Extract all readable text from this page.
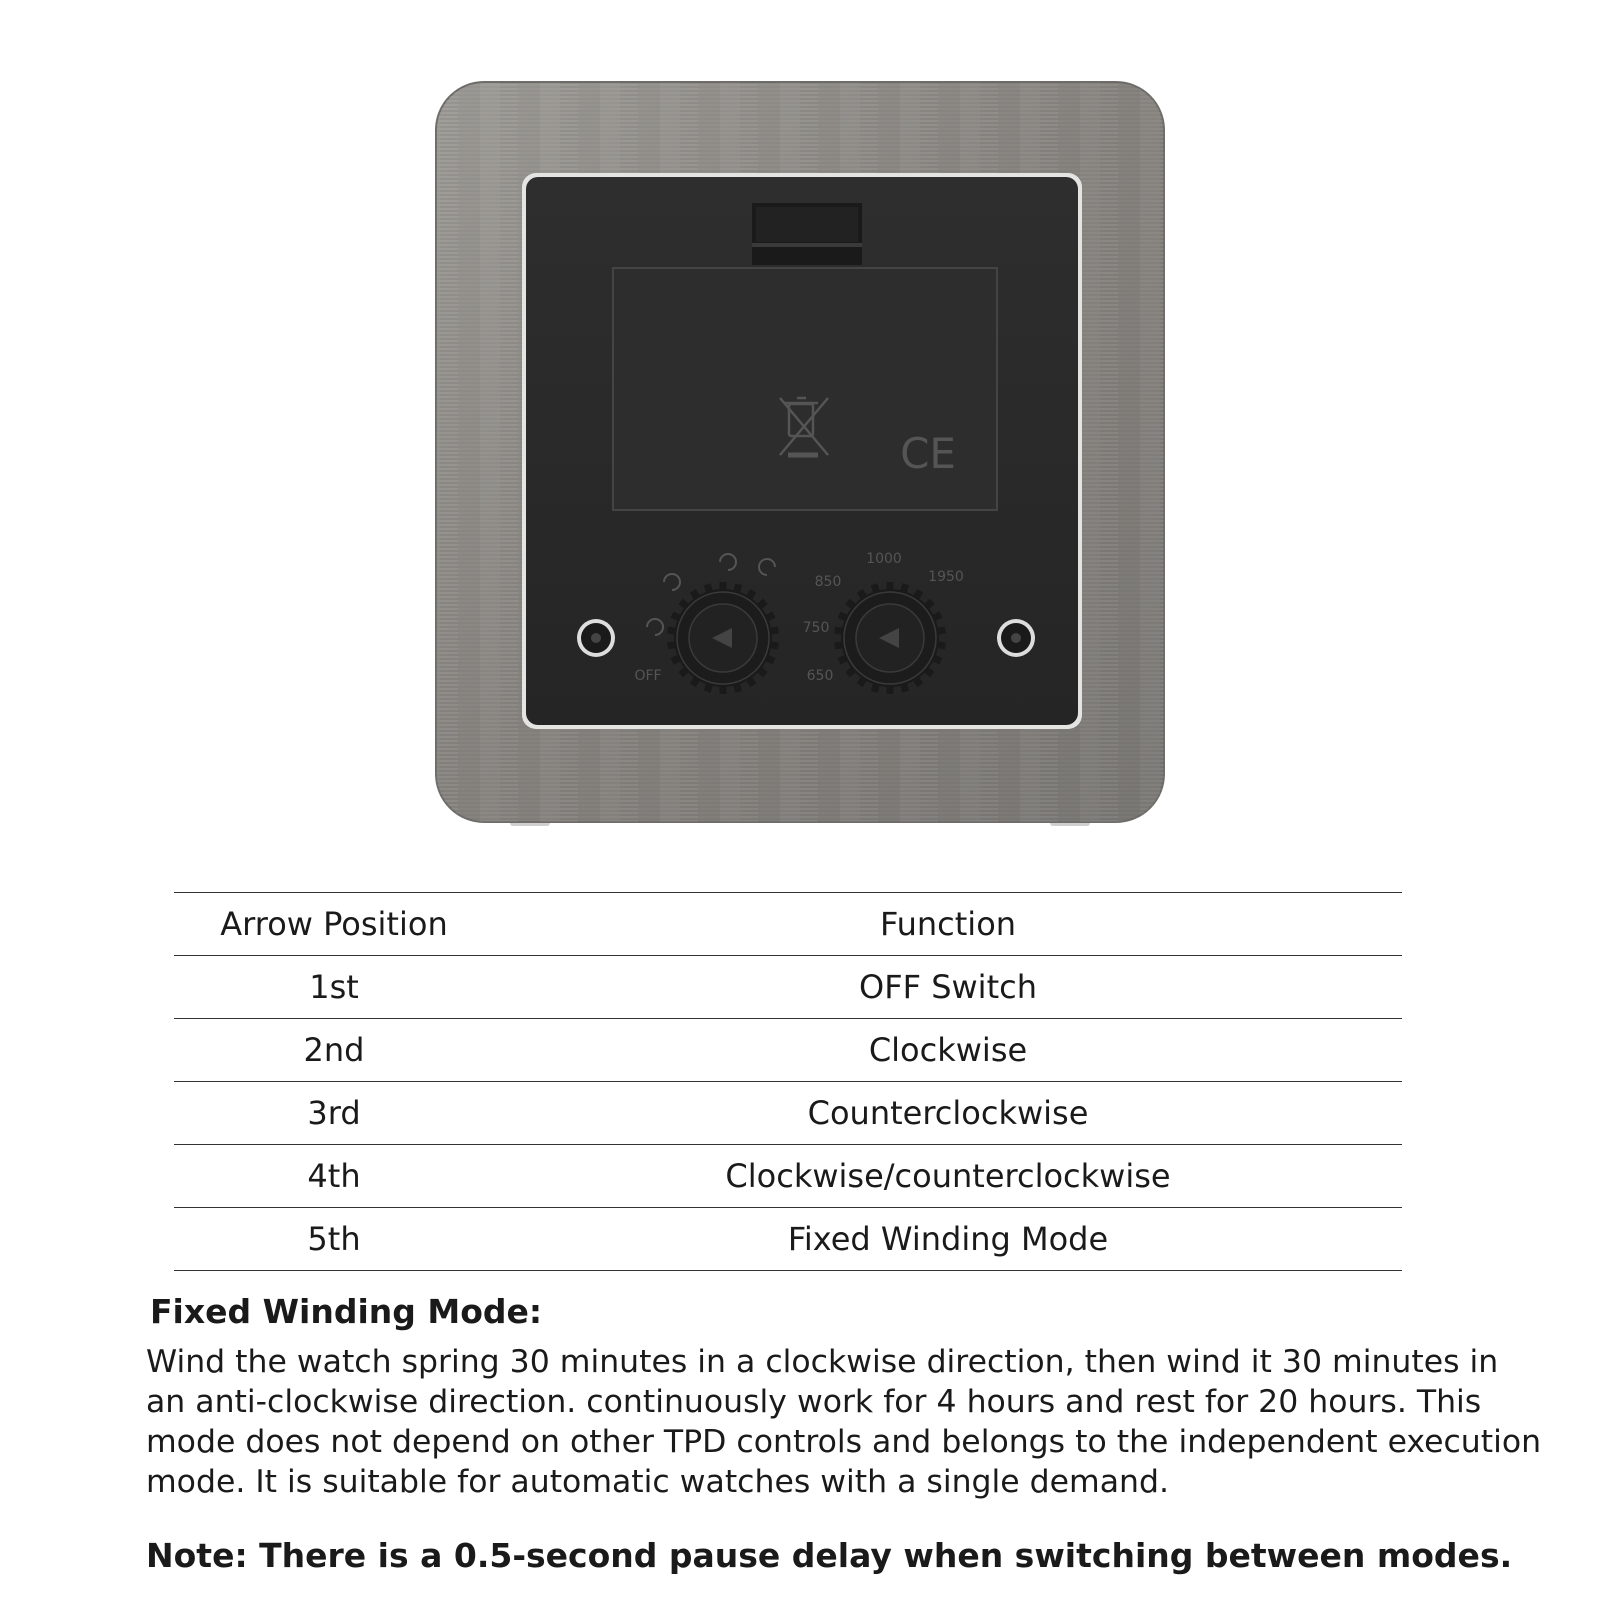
CE
OFF	650
750
850
1000
1950
Arrow Position	Function
1st	OFF Switch
2nd	Clockwise
3rd	Counterclockwise
4th	Clockwise/counterclockwise
5th	Fixed Winding Mode
Fixed Winding Mode:

Wind the watch spring 30 minutes in a clockwise direction, then wind it 30 minutes in an anti-clockwise direction. continuously work for 4 hours and rest for 20 hours. This mode does not depend on other TPD controls and belongs to the independent execution mode. It is suitable for automatic watches with a single demand.

Note: There is a 0.5-second pause delay when switching between modes.
